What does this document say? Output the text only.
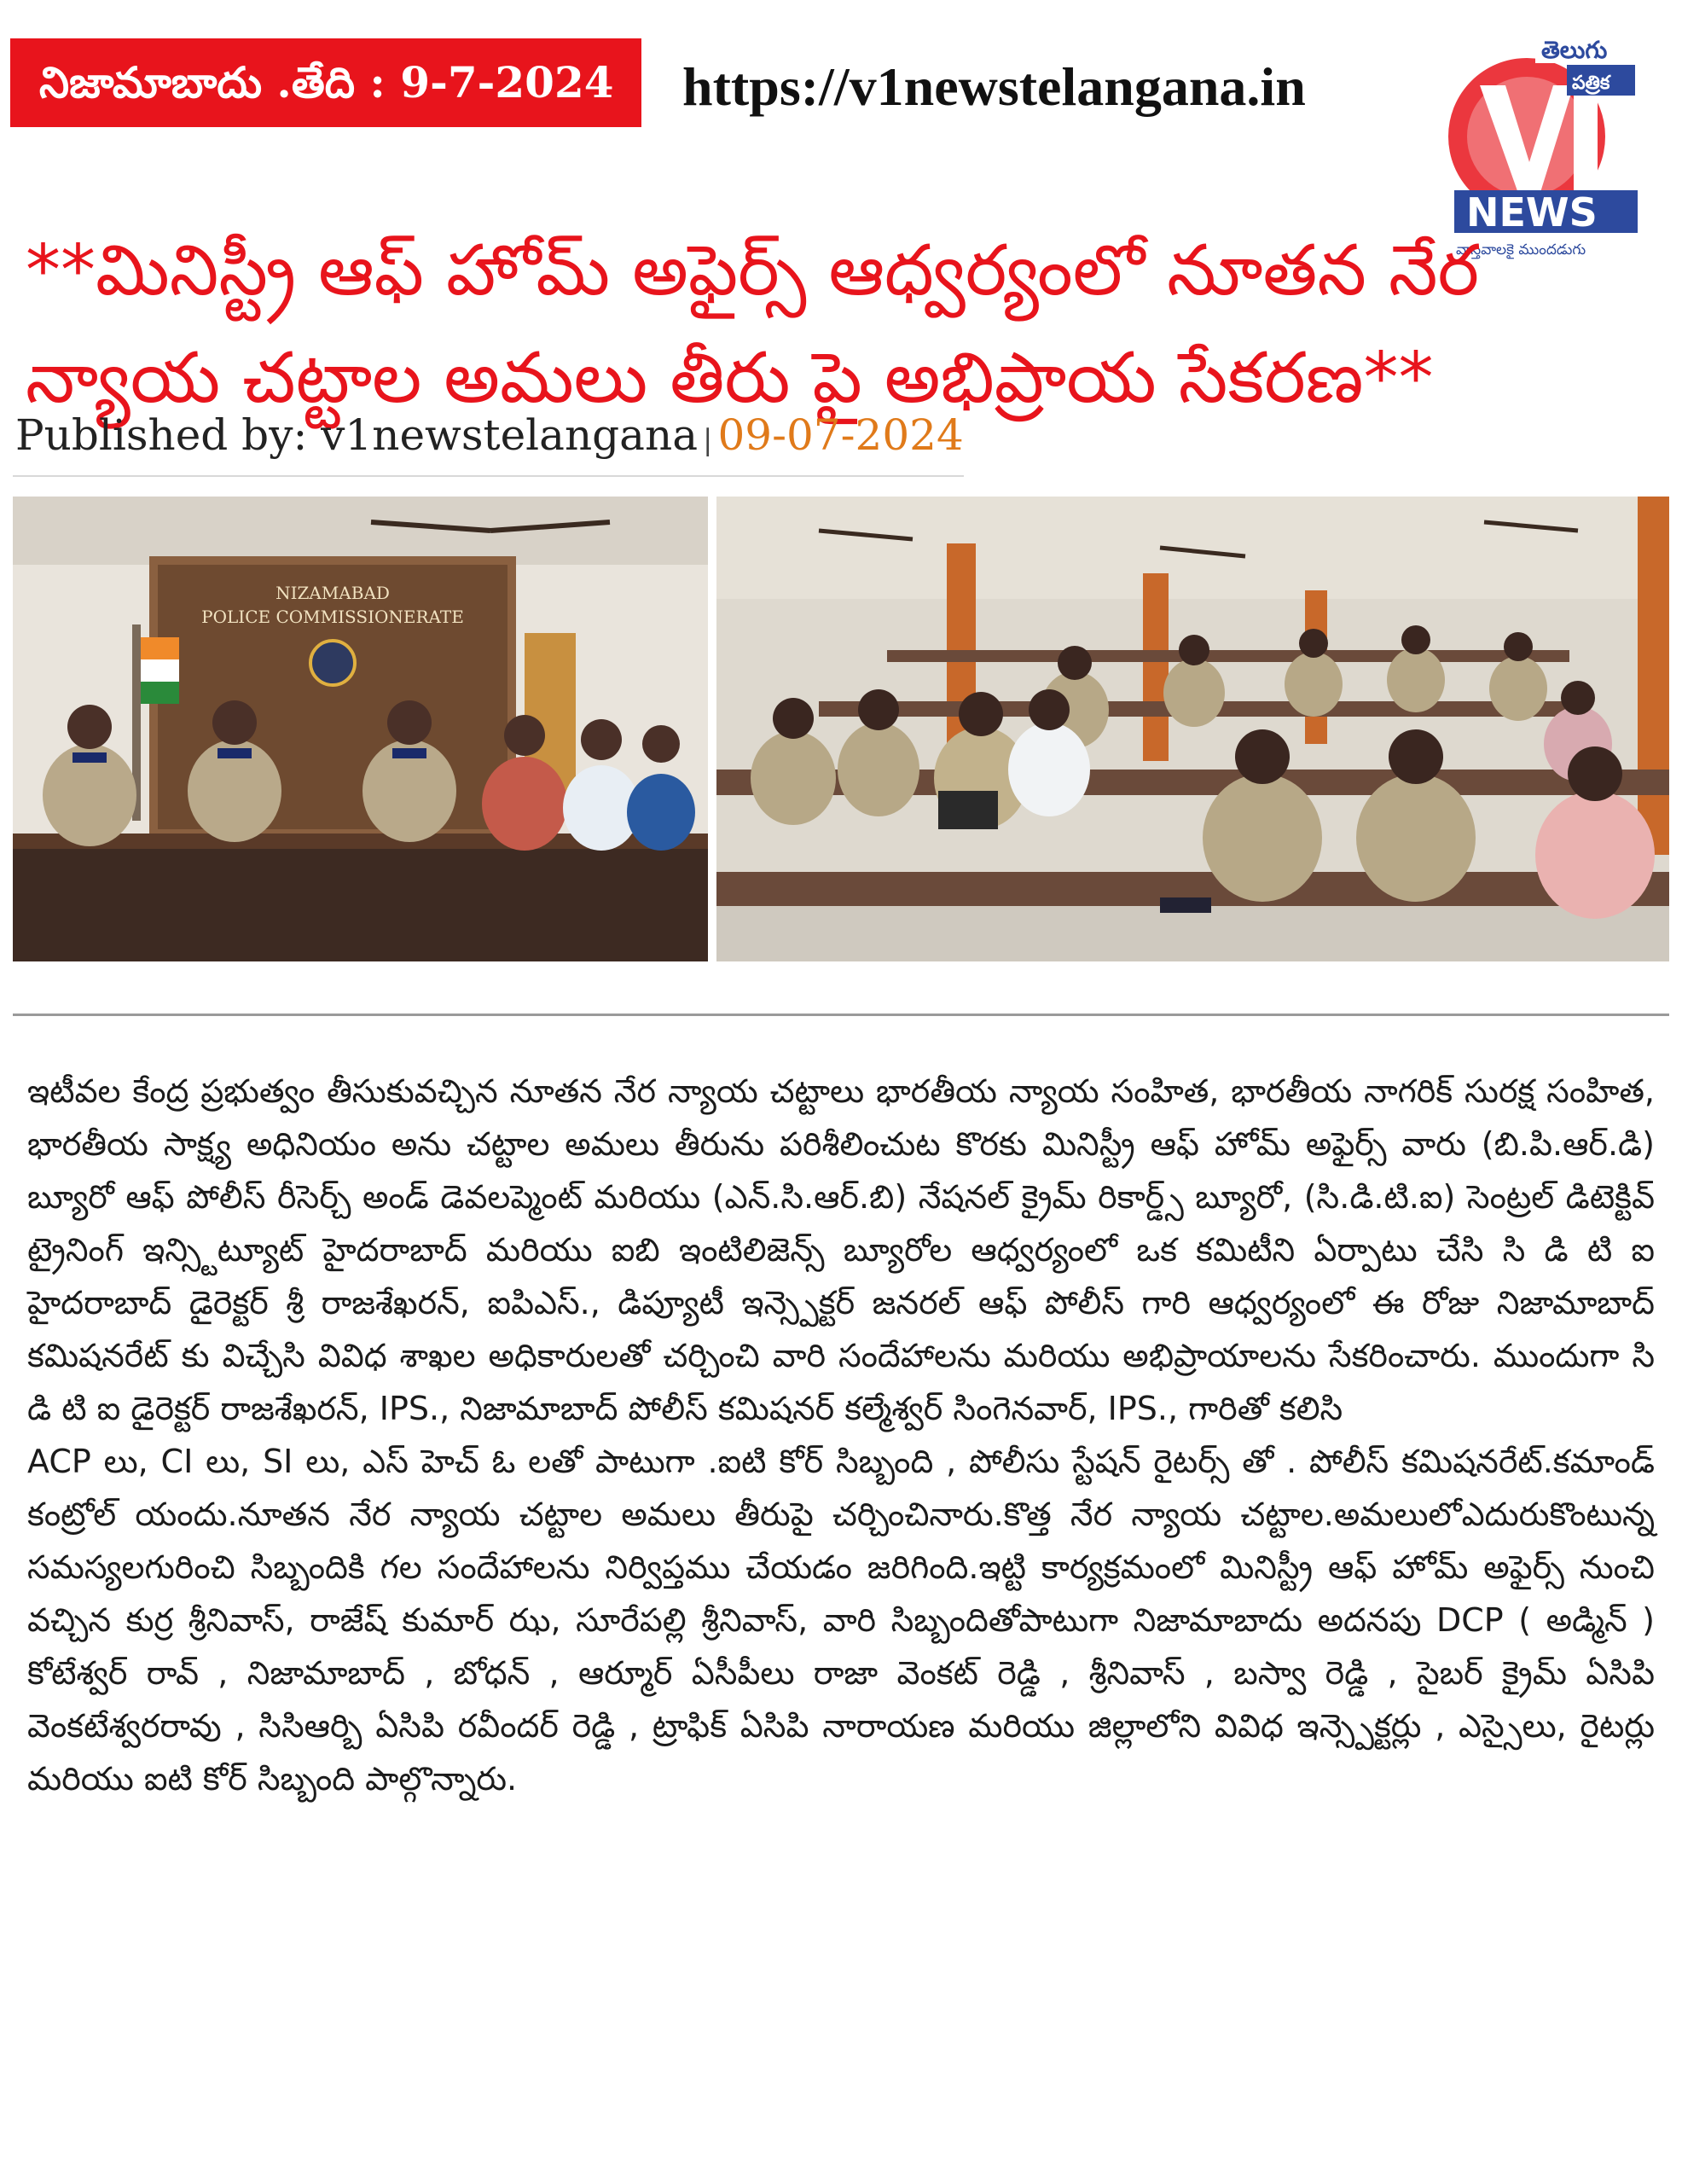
నిజామాబాదు .తేది : 9-7-2024	https://v1newstelangana.in
తెలుగు
పత్రిక
NEWS
వాస్తవాలకై ముందడుగు
**మినిస్ట్రీ ఆఫ్ హోమ్ అఫైర్స్ ఆధ్వర్యంలో నూతన నేర
న్యాయ చట్టాల అమలు తీరు పై అభిప్రాయ సేకరణ**
Published by: v1newstelangana | 09-07-2024
NIZAMABAD
POLICE COMMISSIONERATE

ఇటీవల కేంద్ర ప్రభుత్వం తీసుకువచ్చిన నూతన నేర న్యాయ చట్టాలు భారతీయ న్యాయ సంహిత, భారతీయ నాగరిక్ సురక్ష సంహిత, భారతీయ సాక్ష్య అధినియం అను చట్టాల అమలు తీరును పరిశీలించుట కొరకు మినిస్ట్రీ ఆఫ్ హోమ్ అఫైర్స్ వారు (బి.పి.ఆర్.డి) బ్యూరో ఆఫ్ పోలీస్ రీసెర్చ్ అండ్ డెవలప్మెంట్ మరియు (ఎన్.సి.ఆర్.బి) నేషనల్ క్రైమ్ రికార్డ్స్ బ్యూరో, (సి.డి.టి.ఐ) సెంట్రల్ డిటెక్టివ్ ట్రైనింగ్ ఇన్స్టిట్యూట్ హైదరాబాద్ మరియు ఐబి ఇంటిలిజెన్స్ బ్యూరోల ఆధ్వర్యంలో ఒక కమిటీని ఏర్పాటు చేసి సి డి టి ఐ హైదరాబాద్ డైరెక్టర్ శ్రీ రాజశేఖరన్, ఐపిఎస్., డిప్యూటీ ఇన్స్పెక్టర్ జనరల్ ఆఫ్ పోలీస్ గారి ఆధ్వర్యంలో ఈ రోజు నిజామాబాద్ కమిషనరేట్ కు విచ్చేసి వివిధ శాఖల అధికారులతో చర్చించి వారి సందేహాలను మరియు అభిప్రాయాలను సేకరించారు. ముందుగా సి డి టి ఐ డైరెక్టర్ రాజశేఖరన్, IPS., నిజామాబాద్ పోలీస్ కమిషనర్ కల్మేశ్వర్ సింగెనవార్, IPS., గారితో కలిసి

ACP లు, CI లు, SI లు, ఎస్ హెచ్ ఓ లతో పాటుగా .ఐటి కోర్ సిబ్బంది , పోలీసు స్టేషన్ రైటర్స్ తో . పోలీస్ కమిషనరేట్.కమాండ్ కంట్రోల్ యందు.నూతన నేర న్యాయ చట్టాల అమలు తీరుపై చర్చించినారు.కొత్త నేర న్యాయ చట్టాల.అమలులోఎదురుకొంటున్న సమస్యలగురించి సిబ్బందికి గల సందేహాలను నిర్విప్తము చేయడం జరిగింది.ఇట్టి కార్యక్రమంలో మినిస్ట్రీ ఆఫ్ హోమ్ అఫైర్స్ నుంచి వచ్చిన కుర్ర శ్రీనివాస్, రాజేష్ కుమార్ ఝ, సూరేపల్లి శ్రీనివాస్, వారి సిబ్బందితోపాటుగా నిజామాబాదు అదనపు DCP ( అడ్మిన్ ) కోటేశ్వర్ రావ్ , నిజామాబాద్ , బోధన్ , ఆర్మూర్ ఏసీపీలు రాజా వెంకట్ రెడ్డి , శ్రీనివాస్ , బస్వా రెడ్డి , సైబర్ క్రైమ్ ఏసిపి వెంకటేశ్వరరావు , సిసిఆర్బి ఏసిపి రవీందర్ రెడ్డి , ట్రాఫిక్ ఏసిపి నారాయణ మరియు జిల్లాలోని వివిధ ఇన్స్పెక్టర్లు , ఎస్సైలు, రైటర్లు మరియు ఐటి కోర్ సిబ్బంది పాల్గొన్నారు.
